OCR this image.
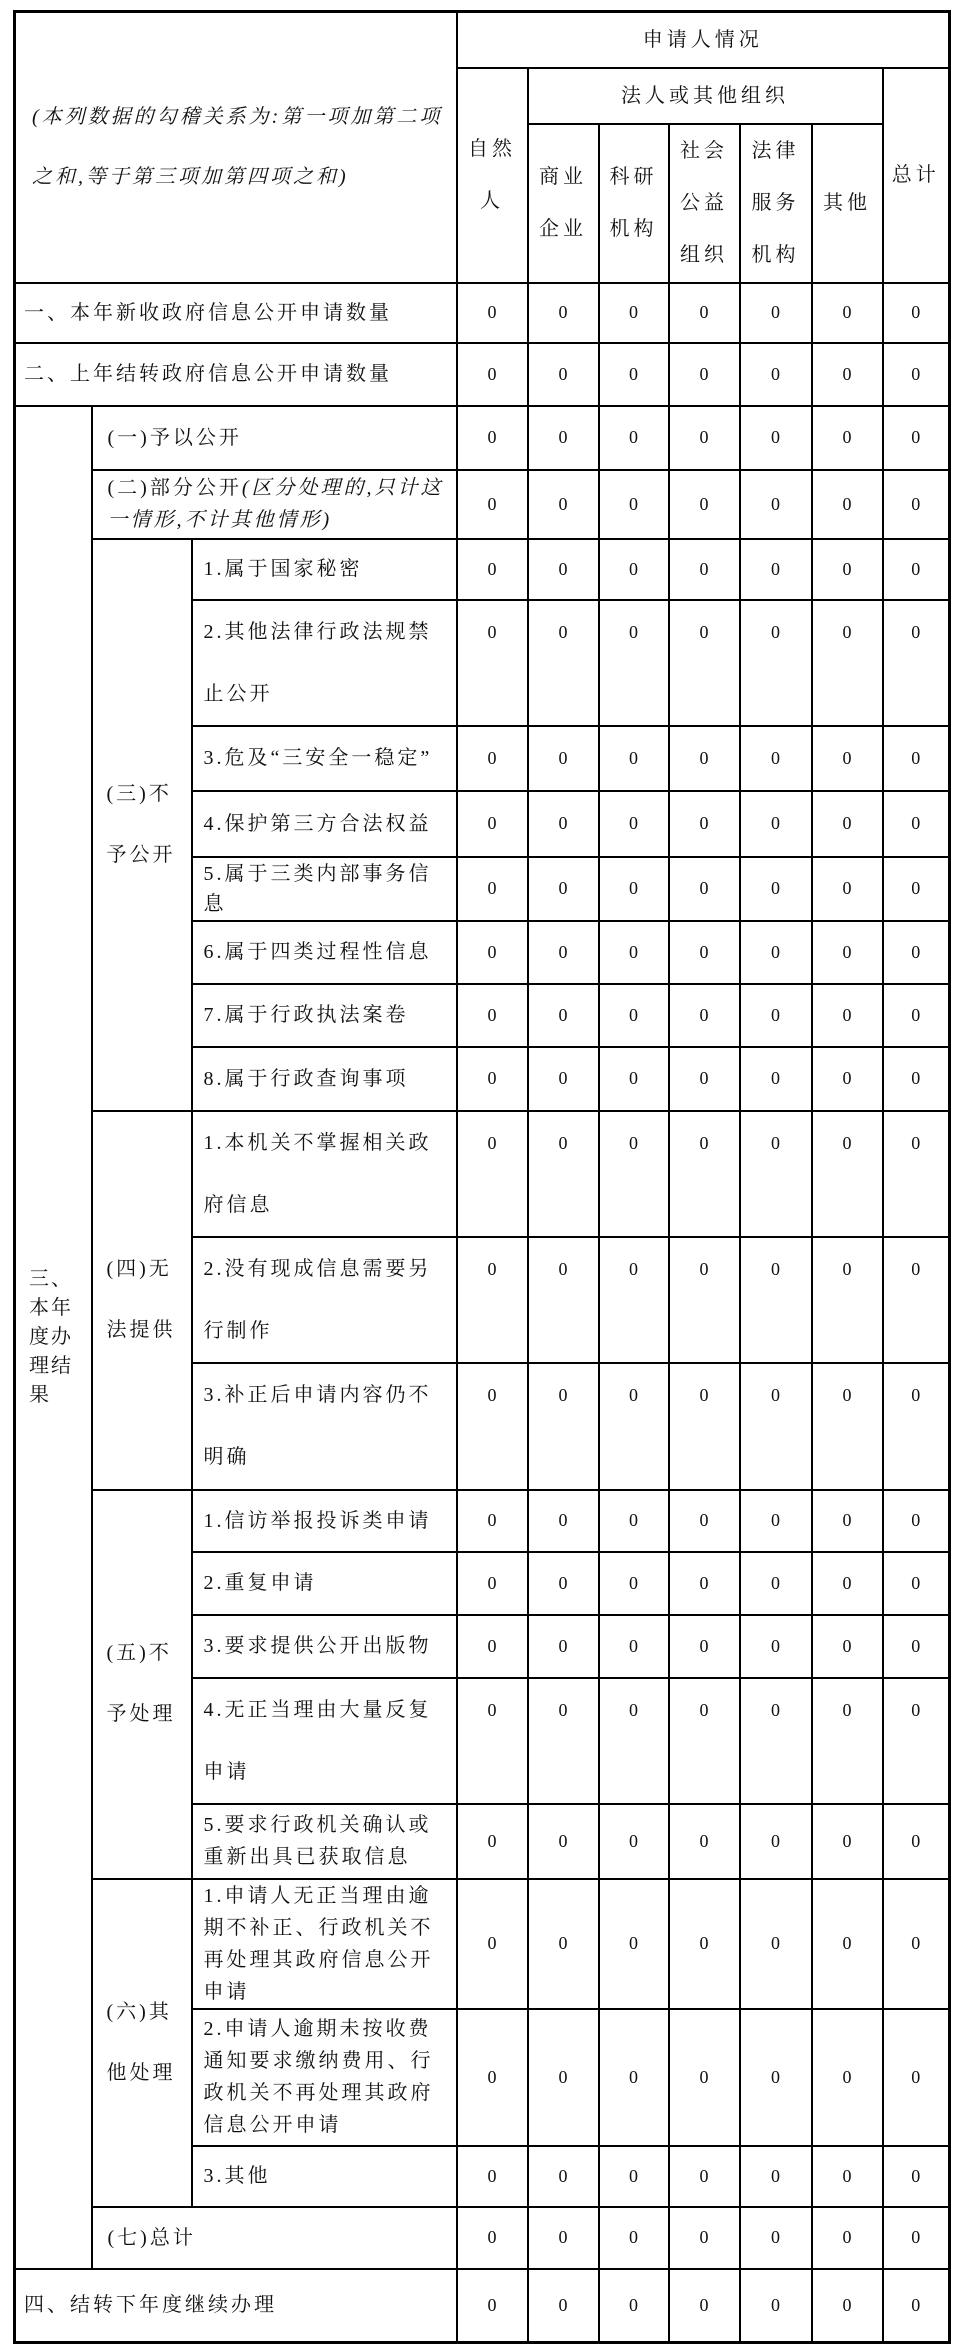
(本列数据的勾稽关系为:第一项加第二项之和,等于第三项加第四项之和)			申请人情况						
			自然人	法人或其他组织					总计
				商业企业	科研机构	社会公益组织	法律服务机构	其他	
一、本年新收政府信息公开申请数量			0	0	0	0	0	0	0
二、上年结转政府信息公开申请数量			0	0	0	0	0	0	0
三、本年度办理结果	(一)予以公开		0	0	0	0	0	0	0
	(二)部分公开(区分处理的,只计这一情形,不计其他情形)		0	0	0	0	0	0	0
	(三)不予公开	1.属于国家秘密	0	0	0	0	0	0	0
		2.其他法律行政法规禁止公开	0	0	0	0	0	0	0
		3.危及“三安全一稳定”	0	0	0	0	0	0	0
		4.保护第三方合法权益	0	0	0	0	0	0	0
		5.属于三类内部事务信息	0	0	0	0	0	0	0
		6.属于四类过程性信息	0	0	0	0	0	0	0
		7.属于行政执法案卷	0	0	0	0	0	0	0
		8.属于行政查询事项	0	0	0	0	0	0	0
	(四)无法提供	1.本机关不掌握相关政府信息	0	0	0	0	0	0	0
		2.没有现成信息需要另行制作	0	0	0	0	0	0	0
		3.补正后申请内容仍不明确	0	0	0	0	0	0	0
	(五)不予处理	1.信访举报投诉类申请	0	0	0	0	0	0	0
		2.重复申请	0	0	0	0	0	0	0
		3.要求提供公开出版物	0	0	0	0	0	0	0
		4.无正当理由大量反复申请	0	0	0	0	0	0	0
		5.要求行政机关确认或重新出具已获取信息	0	0	0	0	0	0	0
	(六)其他处理	1.申请人无正当理由逾期不补正、行政机关不再处理其政府信息公开申请	0	0	0	0	0	0	0
		2.申请人逾期未按收费通知要求缴纳费用、行政机关不再处理其政府信息公开申请	0	0	0	0	0	0	0
		3.其他	0	0	0	0	0	0	0
	(七)总计		0	0	0	0	0	0	0
四、结转下年度继续办理			0	0	0	0	0	0	0
